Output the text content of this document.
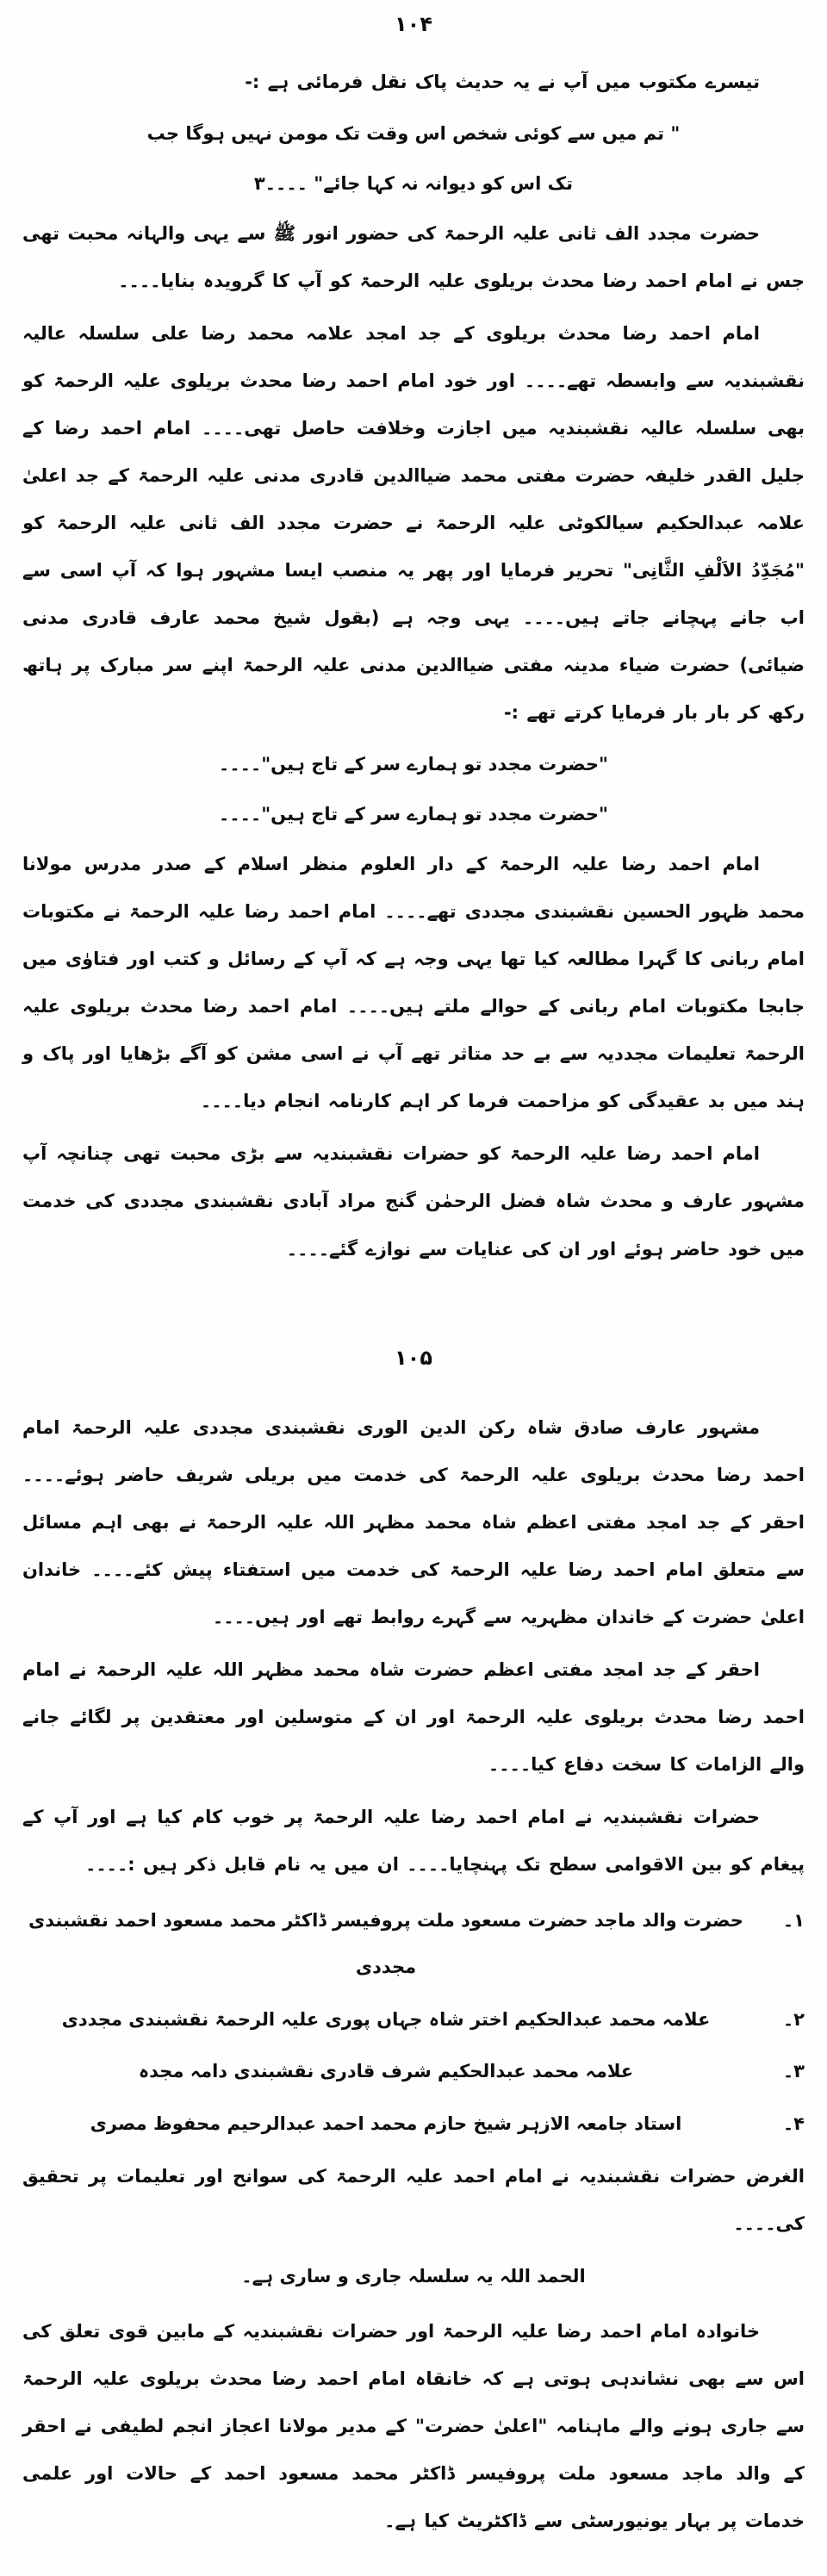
۱۰۴

تیسرے مکتوب میں آپ نے یہ حدیث پاک نقل فرمائی ہے :-

" تم میں سے کوئی شخص اس وقت تک مومن نہیں ہوگا جب
تک اس کو دیوانہ نہ کہا جائے" ۔۔۔۔۳

حضرت مجدد الف ثانی علیہ الرحمۃ کی حضور انور ﷺ سے یہی والہانہ محبت تھی جس نے امام احمد رضا محدث بریلوی علیہ الرحمۃ کو آپ کا گرویدہ بنایا۔۔۔۔

امام احمد رضا محدث بریلوی کے جد امجد علامہ محمد رضا علی سلسلہ عالیہ نقشبندیہ سے وابسطہ تھے۔۔۔۔ اور خود امام احمد رضا محدث بریلوی علیہ الرحمۃ کو بھی سلسلہ عالیہ نقشبندیہ میں اجازت وخلافت حاصل تھی۔۔۔۔ امام احمد رضا کے جلیل القدر خلیفہ حضرت مفتی محمد ضیاالدین قادری مدنی علیہ الرحمۃ کے جد اعلیٰ علامہ عبدالحکیم سیالکوٹی علیہ الرحمۃ نے حضرت مجدد الف ثانی علیہ الرحمۃ کو "مُجَدِّدُ الاَلْفِ الثَّانِی" تحریر فرمایا اور پھر یہ منصب ایسا مشہور ہوا کہ آپ اسی سے اب جانے پہچانے جاتے ہیں۔۔۔۔ یہی وجہ ہے (بقول شیخ محمد عارف قادری مدنی ضیائی) حضرت ضیاء مدینہ مفتی ضیاالدین مدنی علیہ الرحمۃ اپنے سر مبارک پر ہاتھ رکھ کر بار بار فرمایا کرتے تھے :-

"حضرت مجدد تو ہمارے سر کے تاج ہیں"۔۔۔۔
"حضرت مجدد تو ہمارے سر کے تاج ہیں"۔۔۔۔

امام احمد رضا علیہ الرحمۃ کے دار العلوم منظر اسلام کے صدر مدرس مولانا محمد ظہور الحسین نقشبندی مجددی تھے۔۔۔۔ امام احمد رضا علیہ الرحمۃ نے مکتوبات امام ربانی کا گہرا مطالعہ کیا تھا یہی وجہ ہے کہ آپ کے رسائل و کتب اور فتاوٰی میں جابجا مکتوبات امام ربانی کے حوالے ملتے ہیں۔۔۔۔ امام احمد رضا محدث بریلوی علیہ الرحمۃ تعلیمات مجددیہ سے بے حد متاثر تھے آپ نے اسی مشن کو آگے بڑھایا اور پاک و ہند میں بد عقیدگی کو مزاحمت فرما کر اہم کارنامہ انجام دیا۔۔۔۔

امام احمد رضا علیہ الرحمۃ کو حضرات نقشبندیہ سے بڑی محبت تھی چنانچہ آپ مشہور عارف و محدث شاہ فضل الرحمٰن گنج مراد آبادی نقشبندی مجددی کی خدمت میں خود حاضر ہوئے اور ان کی عنایات سے نوازے گئے۔۔۔۔

۱۰۵

مشہور عارف صادق شاہ رکن الدین الوری نقشبندی مجددی علیہ الرحمۃ امام احمد رضا محدث بریلوی علیہ الرحمۃ کی خدمت میں بریلی شریف حاضر ہوئے۔۔۔۔ احقر کے جد امجد مفتی اعظم شاہ محمد مظہر اللہ علیہ الرحمۃ نے بھی اہم مسائل سے متعلق امام احمد رضا علیہ الرحمۃ کی خدمت میں استفتاء پیش کئے۔۔۔۔ خاندان اعلیٰ حضرت کے خاندان مظہریہ سے گہرے روابط تھے اور ہیں۔۔۔۔

احقر کے جد امجد مفتی اعظم حضرت شاہ محمد مظہر اللہ علیہ الرحمۃ نے امام احمد رضا محدث بریلوی علیہ الرحمۃ اور ان کے متوسلین اور معتقدین پر لگائے جانے والے الزامات کا سخت دفاع کیا۔۔۔۔

حضرات نقشبندیہ نے امام احمد رضا علیہ الرحمۃ پر خوب کام کیا ہے اور آپ کے پیغام کو بین الاقوامی سطح تک پہنچایا۔۔۔۔ ان میں یہ نام قابل ذکر ہیں :۔۔۔۔

۱۔
حضرت والد ماجد حضرت مسعود ملت پروفیسر ڈاکٹر محمد مسعود احمد نقشبندی مجددی
۲۔
علامہ محمد عبدالحکیم اختر شاہ جہاں پوری علیہ الرحمۃ نقشبندی مجددی
۳۔
علامہ محمد عبدالحکیم شرف قادری نقشبندی دامہ مجدہ
۴۔
استاد جامعہ الازہر شیخ حازم محمد احمد عبدالرحیم محفوظ مصری

الغرض حضرات نقشبندیہ نے امام احمد علیہ الرحمۃ کی سوانح اور تعلیمات پر تحقیق کی۔۔۔۔

الحمد اللہ یہ سلسلہ جاری و ساری ہے۔

خانوادہ امام احمد رضا علیہ الرحمۃ اور حضرات نقشبندیہ کے مابین قوی تعلق کی اس سے بھی نشاندہی ہوتی ہے کہ خانقاہ امام احمد رضا محدث بریلوی علیہ الرحمۃ سے جاری ہونے والے ماہنامہ "اعلیٰ حضرت" کے مدیر مولانا اعجاز انجم لطیفی نے احقر کے والد ماجد مسعود ملت پروفیسر ڈاکٹر محمد مسعود احمد کے حالات اور علمی خدمات پر بہار یونیورسٹی سے ڈاکٹریٹ کیا ہے۔
